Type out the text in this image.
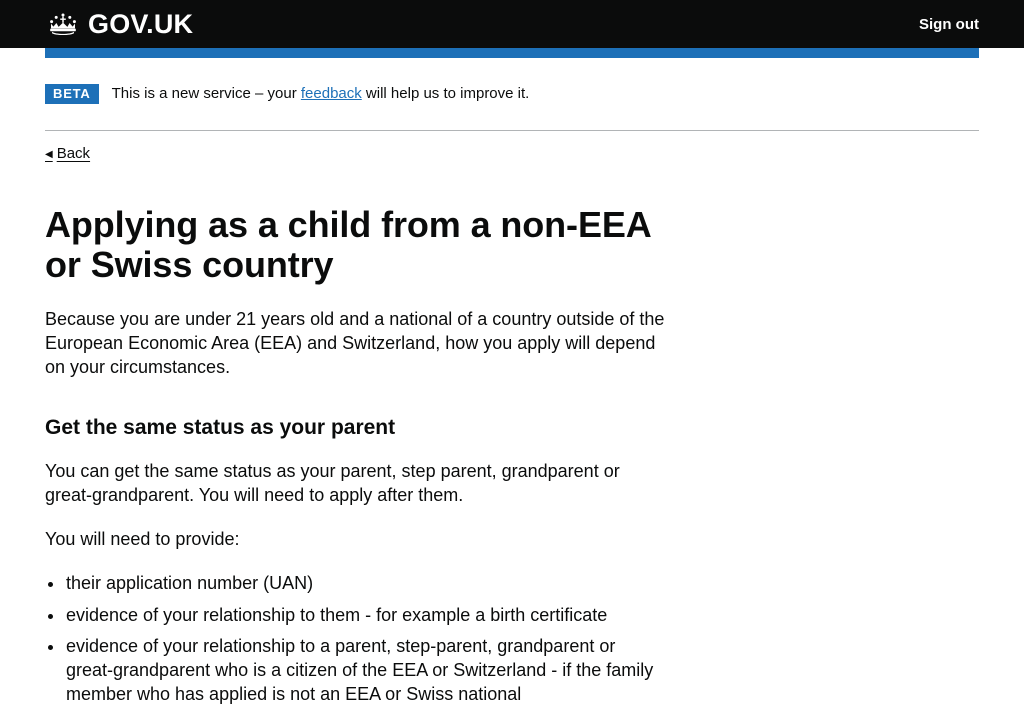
GOV.UK	Sign out

BETA	This is a new service – your feedback will help us to improve it.

◀ Back
Applying as a child from a non-EEA or Swiss country

Because you are under 21 years old and a national of a country outside of the European Economic Area (EEA) and Switzerland, how you apply will depend on your circumstances.

Get the same status as your parent

You can get the same status as your parent, step parent, grandparent or great-grandparent. You will need to apply after them.

You will need to provide:

• their application number (UAN)
• evidence of your relationship to them - for example a birth certificate
• evidence of your relationship to a parent, step-parent, grandparent or great-grandparent who is a citizen of the EEA or Switzerland - if the family member who has applied is not an EEA or Swiss national
